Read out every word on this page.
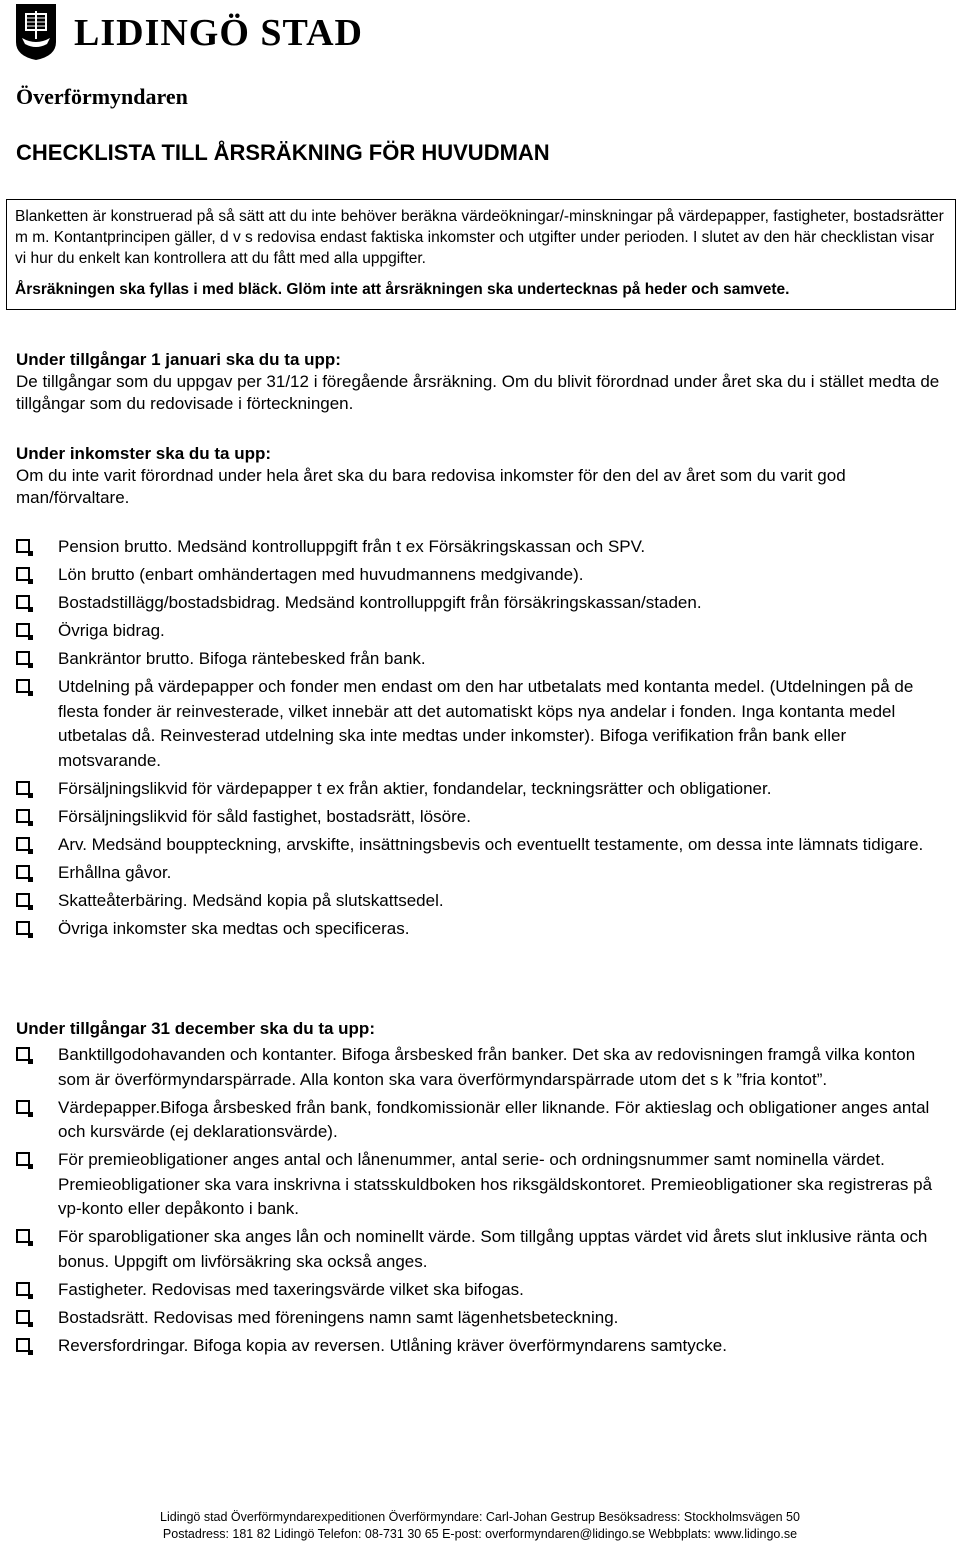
LIDINGÖ STAD
Överförmyndaren
CHECKLISTA TILL ÅRSRÄKNING FÖR HUVUDMAN

Blanketten är konstruerad på så sätt att du inte behöver beräkna värdeökningar/-minskningar på värdepapper, fastigheter, bostadsrätter m m. Kontantprincipen gäller, d v s redovisa endast faktiska inkomster och utgifter under perioden. I slutet av den här checklistan visar vi hur du enkelt kan kontrollera att du fått med alla uppgifter.

Årsräkningen ska fyllas i med bläck. Glöm inte att årsräkningen ska undertecknas på heder och samvete.

Under tillgångar 1 januari ska du ta upp:

De tillgångar som du uppgav per 31/12 i föregående årsräkning. Om du blivit förordnad under året ska du i stället medta de tillgångar som du redovisade i förteckningen.

Under inkomster ska du ta upp:

Om du inte varit förordnad under hela året ska du bara redovisa inkomster för den del av året som du varit god man/förvaltare.

Pension brutto. Medsänd kontrolluppgift från t ex Försäkringskassan och SPV.
Lön brutto (enbart omhändertagen med huvudmannens medgivande).
Bostadstillägg/bostadsbidrag. Medsänd kontrolluppgift från försäkringskassan/staden.
Övriga bidrag.
Bankräntor brutto. Bifoga räntebesked från bank.
Utdelning på värdepapper och fonder men endast om den har utbetalats med kontanta medel. (Utdelningen på de flesta fonder är reinvesterade, vilket innebär att det automatiskt köps nya andelar i fonden. Inga kontanta medel utbetalas då. Reinvesterad utdelning ska inte medtas under inkomster). Bifoga verifikation från bank eller motsvarande.
Försäljningslikvid för värdepapper t ex från aktier, fondandelar, teckningsrätter och obligationer.
Försäljningslikvid för såld fastighet, bostadsrätt, lösöre.
Arv. Medsänd bouppteckning, arvskifte, insättningsbevis och eventuellt testamente, om dessa inte lämnats tidigare.
Erhållna gåvor.
Skatteåterbäring. Medsänd kopia på slutskattsedel.
Övriga inkomster ska medtas och specificeras.
Under tillgångar 31 december ska du ta upp:
Banktillgodohavanden och kontanter. Bifoga årsbesked från banker. Det ska av redovisningen framgå vilka konton som är överförmyndarspärrade. Alla konton ska vara överförmyndarspärrade utom det s k ”fria kontot”.
Värdepapper.Bifoga årsbesked från bank, fondkomissionär eller liknande. För aktieslag och obligationer anges antal och kursvärde (ej deklarationsvärde).
För premieobligationer anges antal och lånenummer, antal serie- och ordningsnummer samt nominella värdet. Premieobligationer ska vara inskrivna i statsskuldboken hos riksgäldskontoret. Premieobligationer ska registreras på vp-konto eller depåkonto i bank.
För sparobligationer ska anges lån och nominellt värde. Som tillgång upptas värdet vid årets slut inklusive ränta och bonus. Uppgift om livförsäkring ska också anges.
Fastigheter. Redovisas med taxeringsvärde vilket ska bifogas.
Bostadsrätt. Redovisas med föreningens namn samt lägenhetsbeteckning.
Reversfordringar. Bifoga kopia av reversen. Utlåning kräver överförmyndarens samtycke.
Lidingö stad Överförmyndarexpeditionen Överförmyndare: Carl-Johan Gestrup Besöksadress: Stockholmsvägen 50
Postadress: 181 82 Lidingö Telefon: 08-731 30 65 E-post: overformyndaren@lidingo.se Webbplats: www.lidingo.se
